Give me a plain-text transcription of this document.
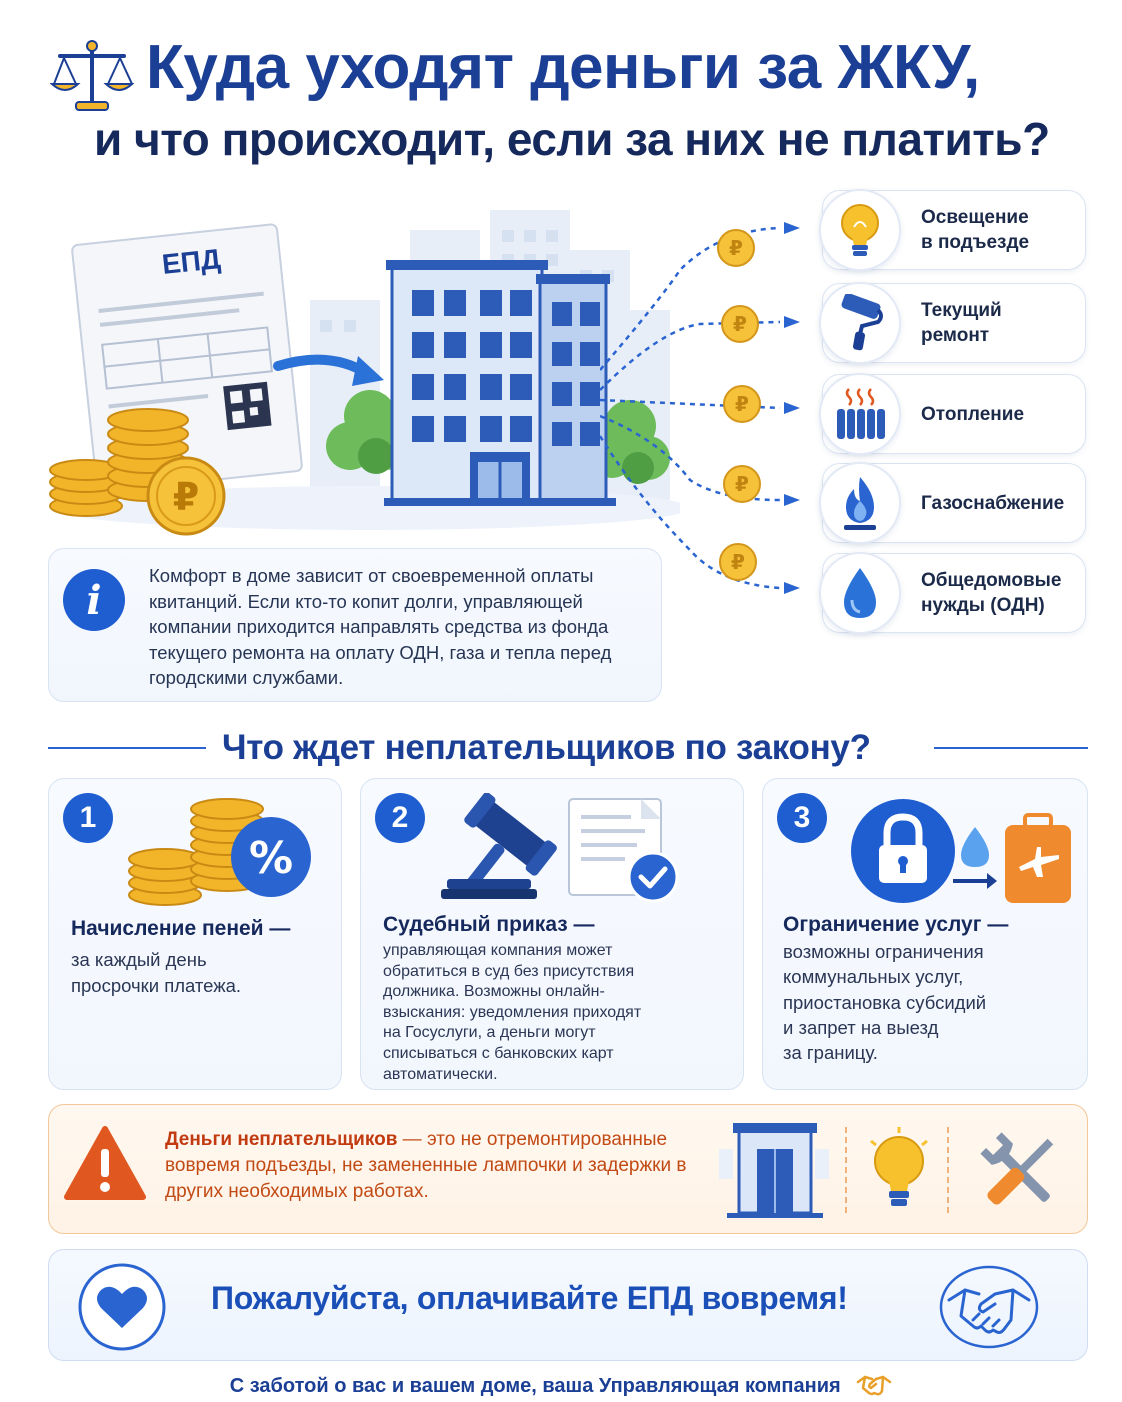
Куда уходят деньги за ЖКУ,
и что происходит, если за них не платить?
ЕПД
₽
₽
₽
₽
₽
₽
Освещение
в подъезде
Текущий
ремонт
Отопление
Газоснабжение
Общедомовые
нужды (ОДН)
i
Комфорт в доме зависит от своевременной оплаты квитанций. Если кто-то копит долги, управляющей компании приходится направлять средства из фонда текущего ремонта на оплату ОДН, газа и тепла перед городскими службами.
Что ждет неплательщиков по закону?
1
%
Начисление пеней —
за каждый день
просрочки платежа.
2
Судебный приказ —
управляющая компания может
обратиться в суд без присутствия
должника. Возможны онлайн-
взыскания: уведомления приходят
на Госуслуги, а деньги могут
списываться с банковских карт
автоматически.
3
Ограничение услуг —
возможны ограничения
коммунальных услуг,
приостановка субсидий
и запрет на выезд
за границу.
Деньги неплательщиков — это не отремонтированные вовремя подъезды, не замененные лампочки и задержки в других необходимых работах.
Пожалуйста, оплачивайте ЕПД вовремя!
С заботой о вас и вашем доме, ваша Управляющая компания
